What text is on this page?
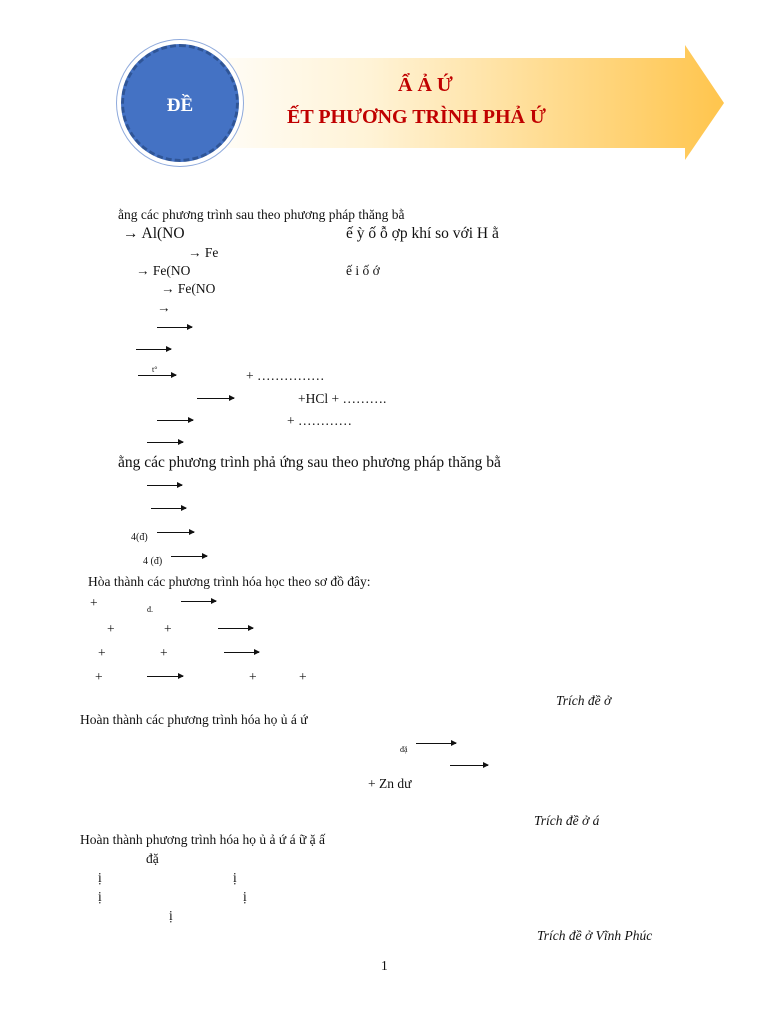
ĐỀ
Ẩ Ả Ứ
ẾT PHƯƠNG TRÌNH PHẢ Ứ
ằng các phương trình sau theo phương pháp thăng bằ
→ Al(NO	ế ỳ ố ỗ ợp khí so với H ằ
→ Fe
→ Fe(NO	ế i ố ớ
→ Fe(NO
→
t°	+ ……………
+HCl + ……….
+ …………
ằng các phương trình phả ứng sau theo phương pháp thăng bằ
4(đ) →
4 (đ) →
Hòa thành các phương trình hóa học theo sơ đồ đây:
+	đ.
+	+
+	+
+	+	+
Trích đề ở
Hoàn thành các phương trình hóa họ ủ á ứ
đặ
+ Zn dư
Trích đề ở á
Hoàn thành phương trình hóa họ ủ ả ứ á ữ ặ ấ
đặ
ị	ị
ị	ị
ị
Trích đề ở Vĩnh Phúc
1
